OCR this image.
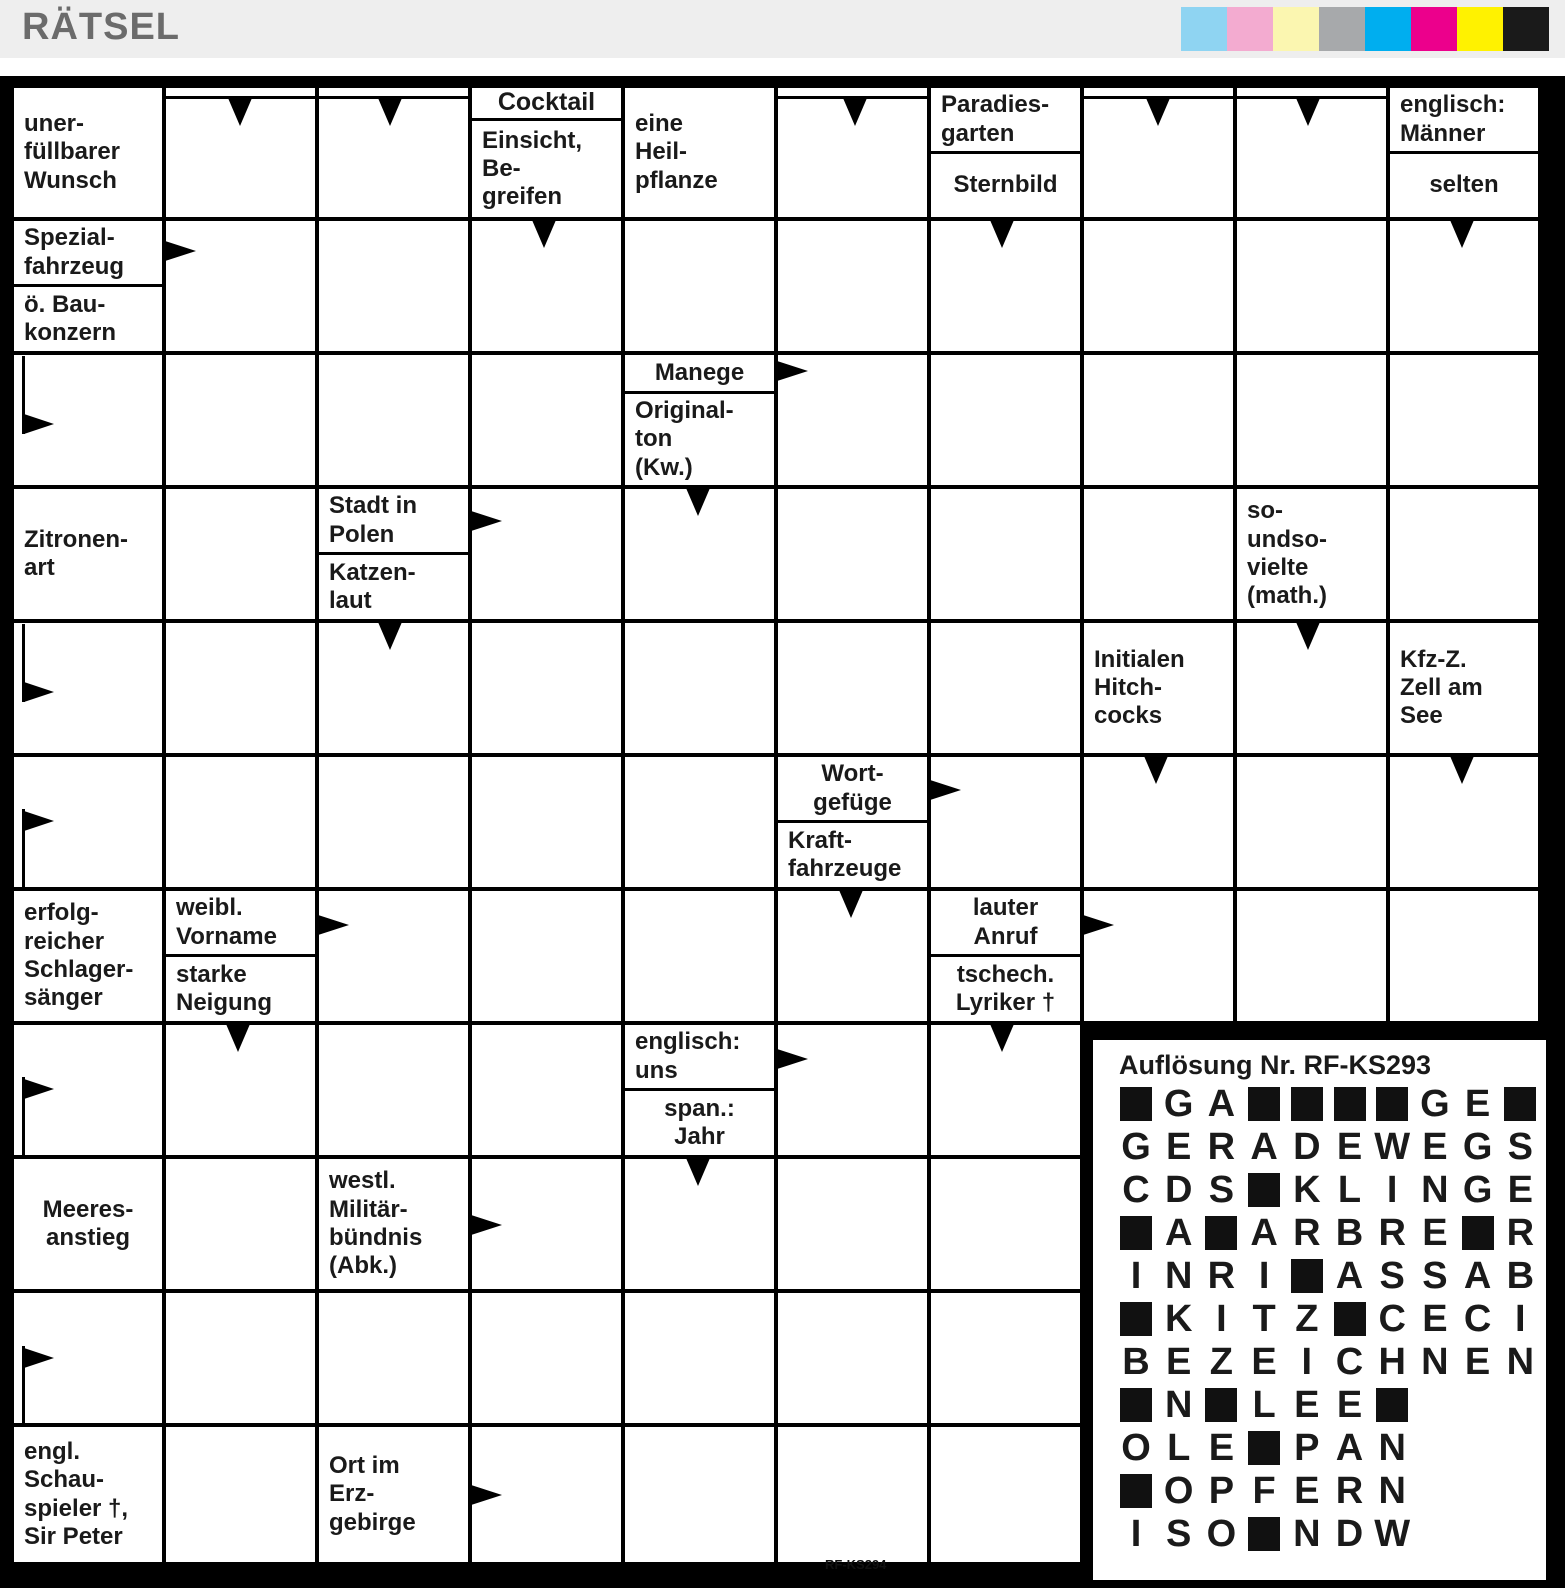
RÄTSEL
uner-
füllbarer
Wunsch
Cocktail
Einsicht,
Be-
greifen
eine
Heil-
pflanze
Paradies-
garten
Sternbild
englisch:
Männer
selten
Spezial-
fahrzeug
ö. Bau-
konzern
Manege
Original-
ton
(Kw.)
Zitronen-
art
Stadt in
Polen
Katzen-
laut
so-
undso-
vielte
(math.)
Initialen
Hitch-
cocks
Kfz-Z.
Zell am
See
Wort-
gefüge
Kraft-
fahrzeuge
erfolg-
reicher
Schlager-
sänger
weibl.
Vorname
starke
Neigung
lauter
Anruf
tschech.
Lyriker †
englisch:
uns
span.:
Jahr
Meeres-
anstieg
westl.
Militär-
bündnis
(Abk.)
engl.
Schau-
spieler †,
Sir Peter
Ort im
Erz-
gebirge
Auflösung Nr. RF-KS293
G A	G E
G E R A D E W E G S
C D S K L I N G E
A A R B R E R
I N R I	A S S A B
K I T Z C E C I
B E Z E I C H N E N
N L E E
O L E P A N
O P F E R N
I S O N D W
RF-KS294
